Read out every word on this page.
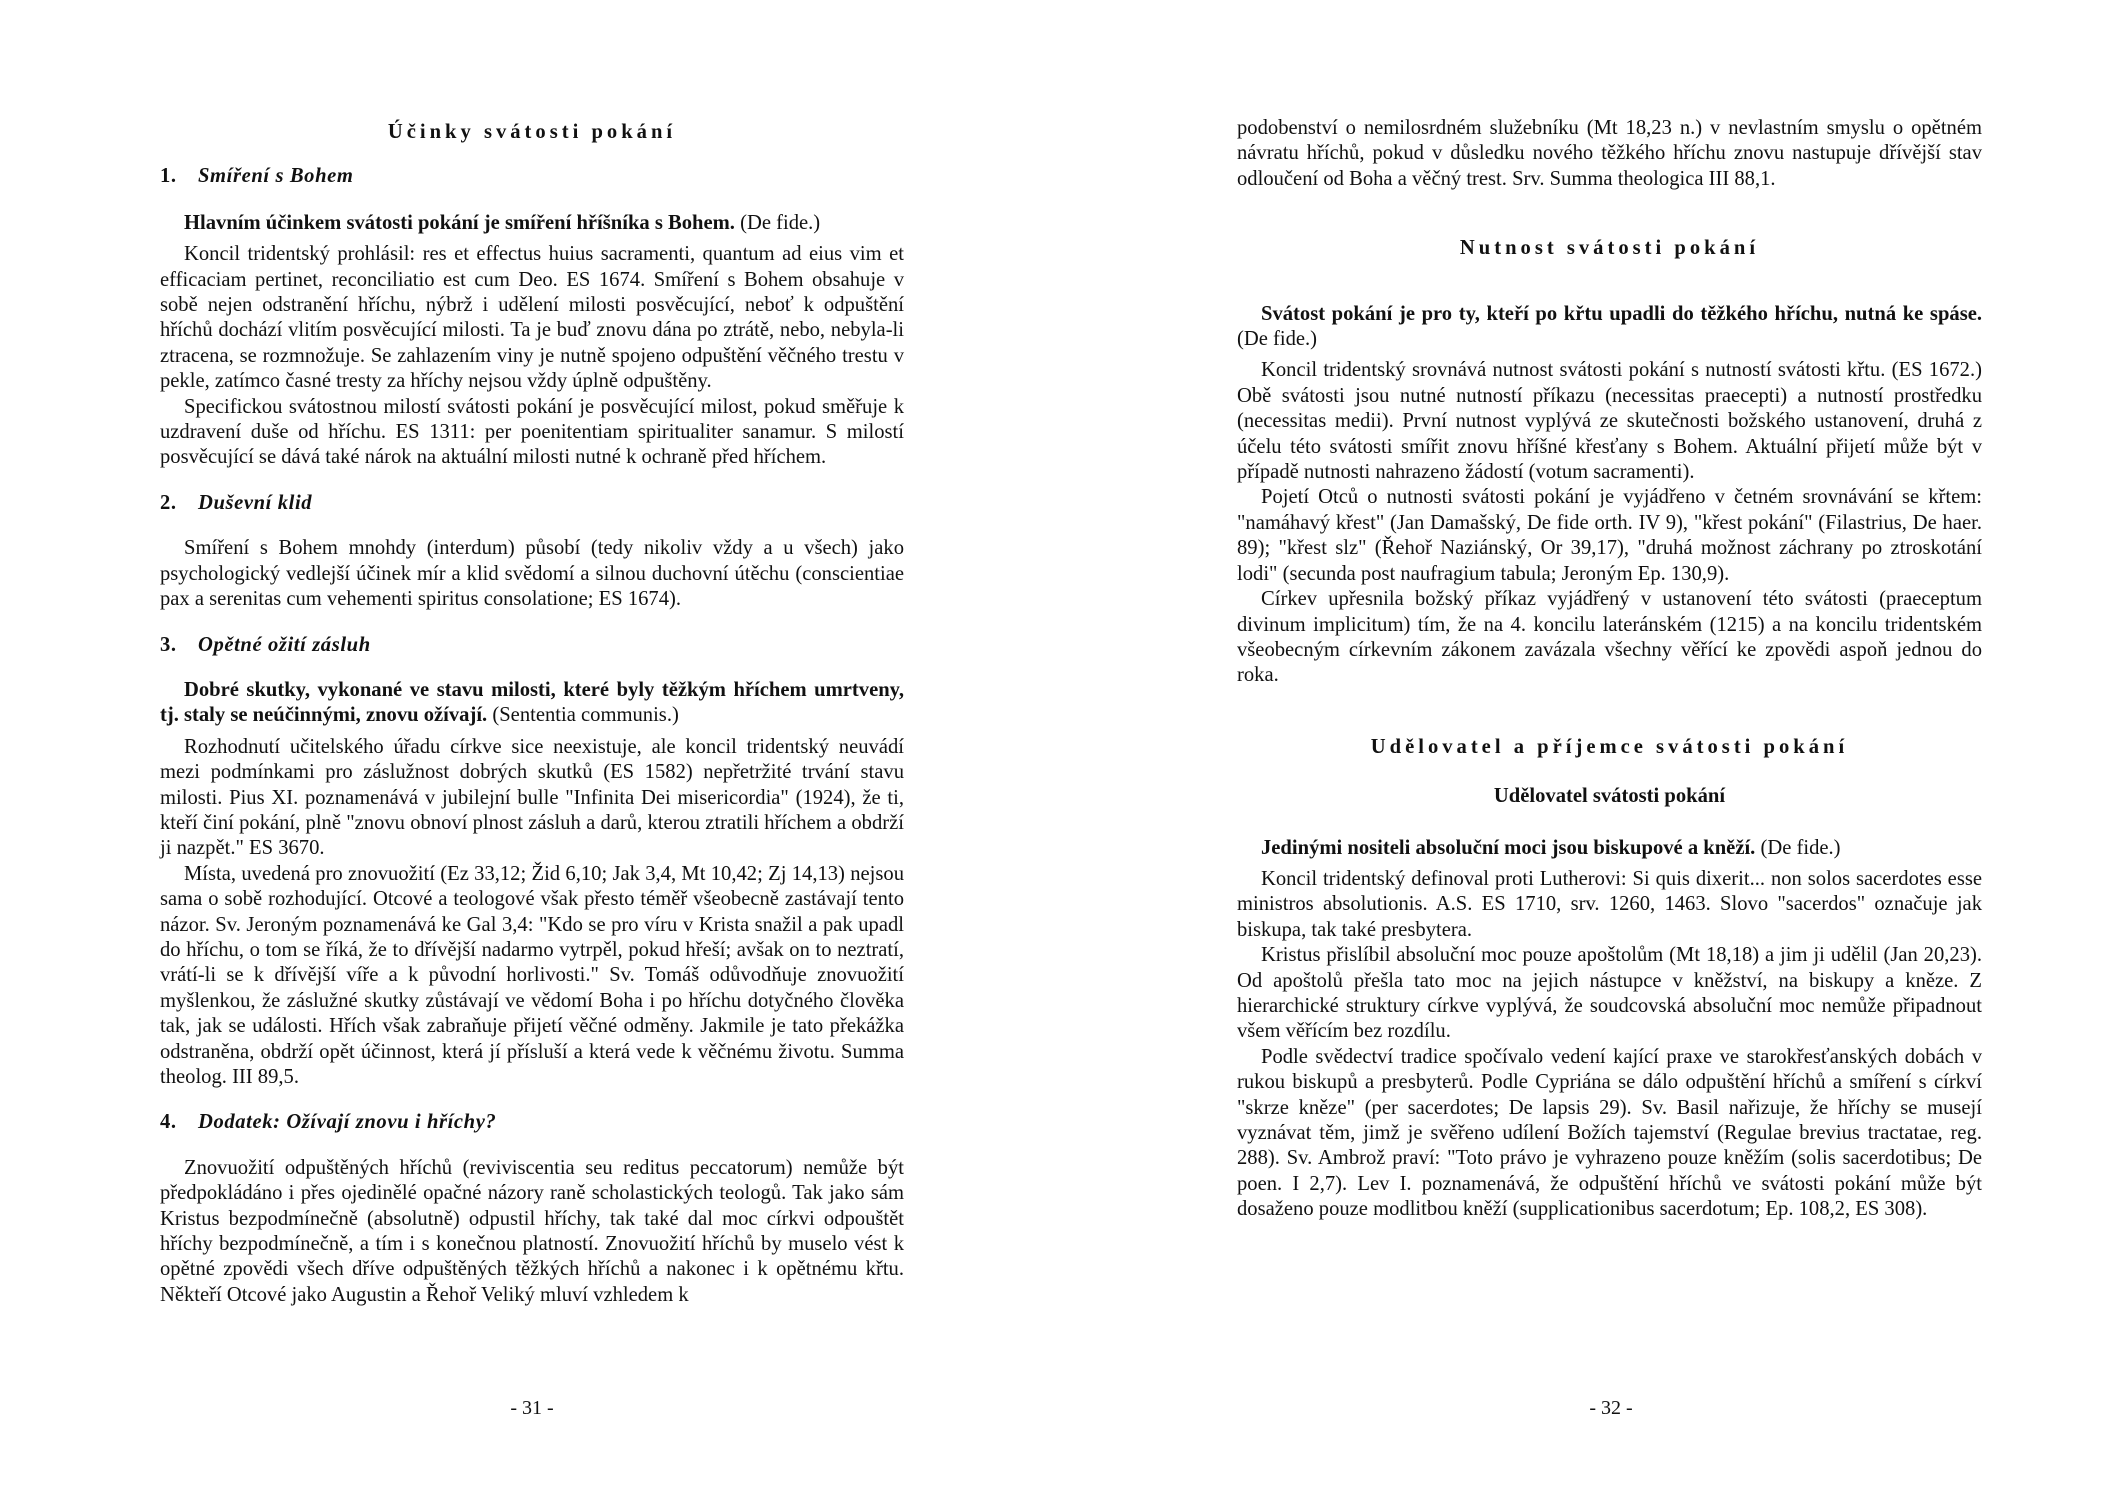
Účinky svátosti pokání
1. Smíření s Bohem
Hlavním účinkem svátosti pokání je smíření hříšníka s Bohem. (De fide.)

Koncil tridentský prohlásil: res et effectus huius sacramenti, quantum ad eius vim et efficaciam pertinet, reconciliatio est cum Deo. ES 1674. Smíření s Bohem obsahuje v sobě nejen odstranění hříchu, nýbrž i udělení milosti posvěcující, neboť k odpuštění hříchů dochází vlitím posvěcující milosti. Ta je buď znovu dána po ztrátě, nebo, nebyla-li ztracena, se rozmnožuje. Se zahlazením viny je nutně spojeno odpuštění věčného trestu v pekle, zatímco časné tresty za hříchy nejsou vždy úplně odpuštěny.

Specifickou svátostnou milostí svátosti pokání je posvěcující milost, pokud směřuje k uzdravení duše od hříchu. ES 1311: per poenitentiam spiritualiter sanamur. S milostí posvěcující se dává také nárok na aktuální milosti nutné k ochraně před hříchem.

2. Duševní klid

Smíření s Bohem mnohdy (interdum) působí (tedy nikoliv vždy a u všech) jako psychologický vedlejší účinek mír a klid svědomí a silnou duchovní útěchu (conscientiae pax a serenitas cum vehementi spiritus consolatione; ES 1674).

3. Opětné ožití zásluh
Dobré skutky, vykonané ve stavu milosti, které byly těžkým hříchem umrtveny, tj. staly se neúčinnými, znovu ožívají. (Sententia communis.)

Rozhodnutí učitelského úřadu církve sice neexistuje, ale koncil tridentský neuvádí mezi podmínkami pro záslužnost dobrých skutků (ES 1582) nepřetržité trvání stavu milosti. Pius XI. poznamenává v jubilejní bulle "Infinita Dei misericordia" (1924), že ti, kteří činí pokání, plně "znovu obnoví plnost zásluh a darů, kterou ztratili hříchem a obdrží ji nazpět." ES 3670.

Místa, uvedená pro znovuožití (Ez 33,12; Žid 6,10; Jak 3,4, Mt 10,42; Zj 14,13) nejsou sama o sobě rozhodující. Otcové a teologové však přesto téměř všeobecně zastávají tento názor. Sv. Jeroným poznamenává ke Gal 3,4: "Kdo se pro víru v Krista snažil a pak upadl do hříchu, o tom se říká, že to dřívější nadarmo vytrpěl, pokud hřeší; avšak on to neztratí, vrátí-li se k dřívější víře a k původní horlivosti." Sv. Tomáš odůvodňuje znovuožití myšlenkou, že záslužné skutky zůstávají ve vědomí Boha i po hříchu dotyčného člověka tak, jak se události. Hřích však zabraňuje přijetí věčné odměny. Jakmile je tato překážka odstraněna, obdrží opět účinnost, která jí přísluší a která vede k věčnému životu. Summa theolog. III 89,5.

4. Dodatek: Ožívají znovu i hříchy?

Znovuožití odpuštěných hříchů (reviviscentia seu reditus peccatorum) nemůže být předpokládáno i přes ojedinělé opačné názory raně scholastických teologů. Tak jako sám Kristus bezpodmínečně (absolutně) odpustil hříchy, tak také dal moc církvi odpouštět hříchy bezpodmínečně, a tím i s konečnou platností. Znovuožití hříchů by muselo vést k opětné zpovědi všech dříve odpuštěných těžkých hříchů a nakonec i k opětnému křtu. Někteří Otcové jako Augustin a Řehoř Veliký mluví vzhledem k

- 31 -

podobenství o nemilosrdném služebníku (Mt 18,23 n.) v nevlastním smyslu o opětném návratu hříchů, pokud v důsledku nového těžkého hříchu znovu nastupuje dřívější stav odloučení od Boha a věčný trest. Srv. Summa theologica III 88,1.

Nutnost svátosti pokání
Svátost pokání je pro ty, kteří po křtu upadli do těžkého hříchu, nutná ke spáse. (De fide.)

Koncil tridentský srovnává nutnost svátosti pokání s nutností svátosti křtu. (ES 1672.) Obě svátosti jsou nutné nutností příkazu (necessitas praecepti) a nutností prostředku (necessitas medii). První nutnost vyplývá ze skutečnosti božského ustanovení, druhá z účelu této svátosti smířit znovu hříšné křesťany s Bohem. Aktuální přijetí může být v případě nutnosti nahrazeno žádostí (votum sacramenti).

Pojetí Otců o nutnosti svátosti pokání je vyjádřeno v četném srovnávání se křtem: "namáhavý křest" (Jan Damašský, De fide orth. IV 9), "křest pokání" (Filastrius, De haer. 89); "křest slz" (Řehoř Naziánský, Or 39,17), "druhá možnost záchrany po ztroskotání lodi" (secunda post naufragium tabula; Jeroným Ep. 130,9).

Církev upřesnila božský příkaz vyjádřený v ustanovení této svátosti (praeceptum divinum implicitum) tím, že na 4. koncilu lateránském (1215) a na koncilu tridentském všeobecným církevním zákonem zavázala všechny věřící ke zpovědi aspoň jednou do roka.

Udělovatel a příjemce svátosti pokání
Udělovatel svátosti pokání
Jedinými nositeli absoluční moci jsou biskupové a kněží. (De fide.)

Koncil tridentský definoval proti Lutherovi: Si quis dixerit... non solos sacerdotes esse ministros absolutionis. A.S. ES 1710, srv. 1260, 1463. Slovo "sacerdos" označuje jak biskupa, tak také presbytera.

Kristus přislíbil absoluční moc pouze apoštolům (Mt 18,18) a jim ji udělil (Jan 20,23). Od apoštolů přešla tato moc na jejich nástupce v kněžství, na biskupy a kněze. Z hierarchické struktury církve vyplývá, že soudcovská absoluční moc nemůže připadnout všem věřícím bez rozdílu.

Podle svědectví tradice spočívalo vedení kající praxe ve starokřesťanských dobách v rukou biskupů a presbyterů. Podle Cypriána se dálo odpuštění hříchů a smíření s církví "skrze kněze" (per sacerdotes; De lapsis 29). Sv. Basil nařizuje, že hříchy se musejí vyznávat těm, jimž je svěřeno udílení Božích tajemství (Regulae brevius tractatae, reg. 288). Sv. Ambrož praví: "Toto právo je vyhrazeno pouze kněžím (solis sacerdotibus; De poen. I 2,7). Lev I. poznamenává, že odpuštění hříchů ve svátosti pokání může být dosaženo pouze modlitbou kněží (supplicationibus sacerdotum; Ep. 108,2, ES 308).

- 32 -
